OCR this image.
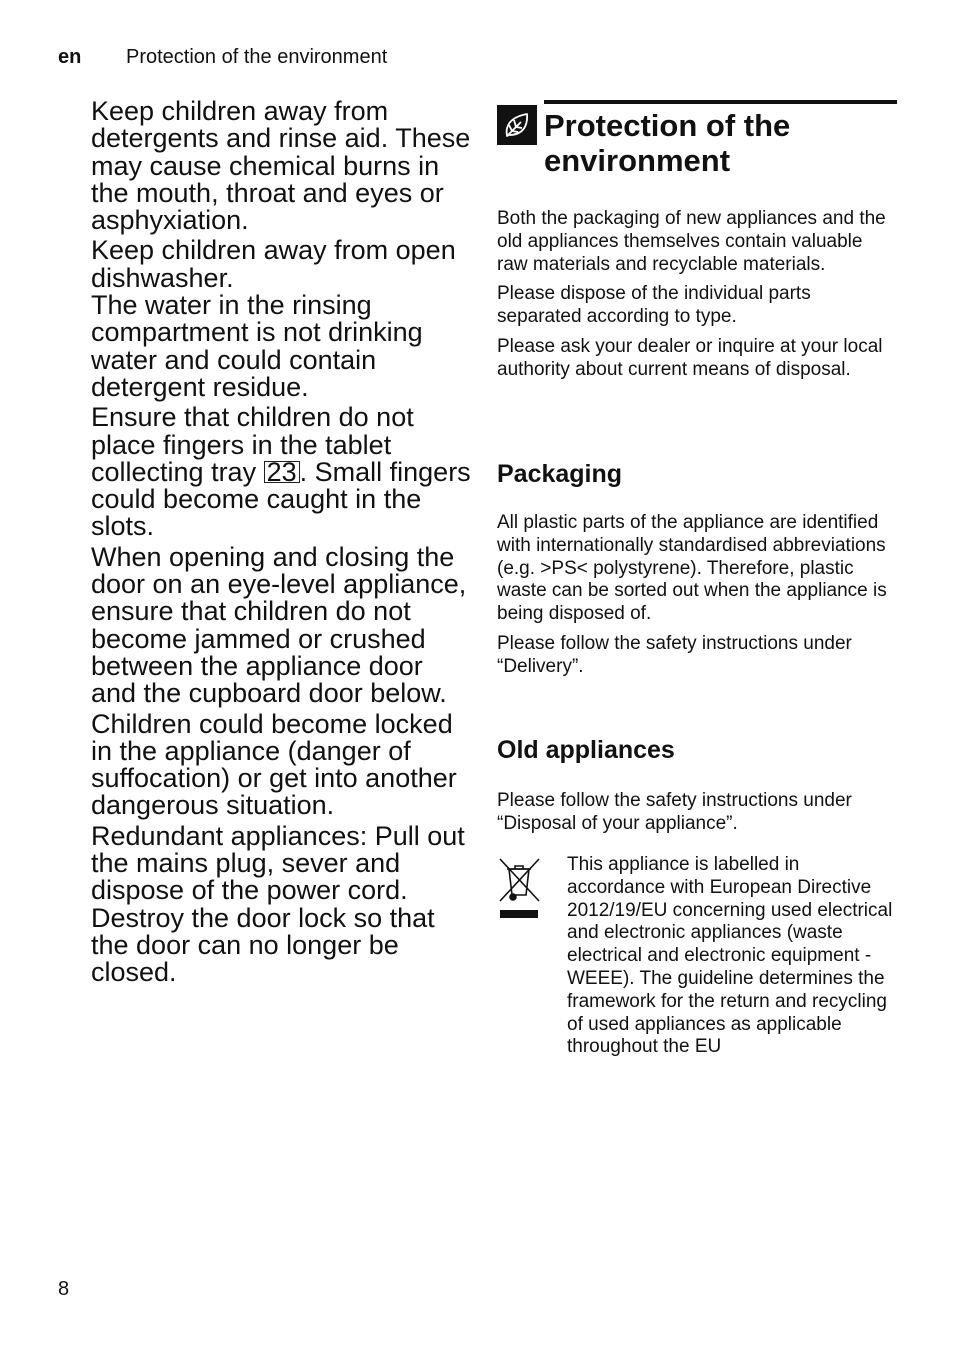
en Protection of the environment

Keep children away from detergents and rinse aid. These may cause chemical burns in the mouth, throat and eyes or asphyxiation.

Keep children away from open dishwasher.

The water in the rinsing compartment is not drinking water and could contain detergent residue.

Ensure that children do not place fingers in the tablet collecting tray 23 . Small fingers could become caught in the slots.

When opening and closing the door on an eye-level appliance, ensure that children do not become jammed or crushed between the appliance door and the cupboard door below.

Children could become locked in the appliance (danger of suffocation) or get into another dangerous situation.

Redundant appliances: Pull out the mains plug, sever and dispose of the power cord. Destroy the door lock so that the door can no longer be closed.

Protection of the environment

Both the packaging of new appliances and the old appliances themselves contain valuable raw materials and recyclable materials.

Please dispose of the individual parts separated according to type.

Please ask your dealer or inquire at your local authority about current means of disposal.

Packaging

All plastic parts of the appliance are identified with internationally standardised abbreviations (e.g. >PS< polystyrene). Therefore, plastic waste can be sorted out when the appliance is being disposed of.

Please follow the safety instructions under “Delivery”.

Old appliances

Please follow the safety instructions under “Disposal of your appliance”.

This appliance is labelled in accordance with European Directive 2012/19/EU concerning used electrical and electronic appliances (waste electrical and electronic equipment - WEEE). The guideline determines the framework for the return and recycling of used appliances as applicable throughout the EU
8
